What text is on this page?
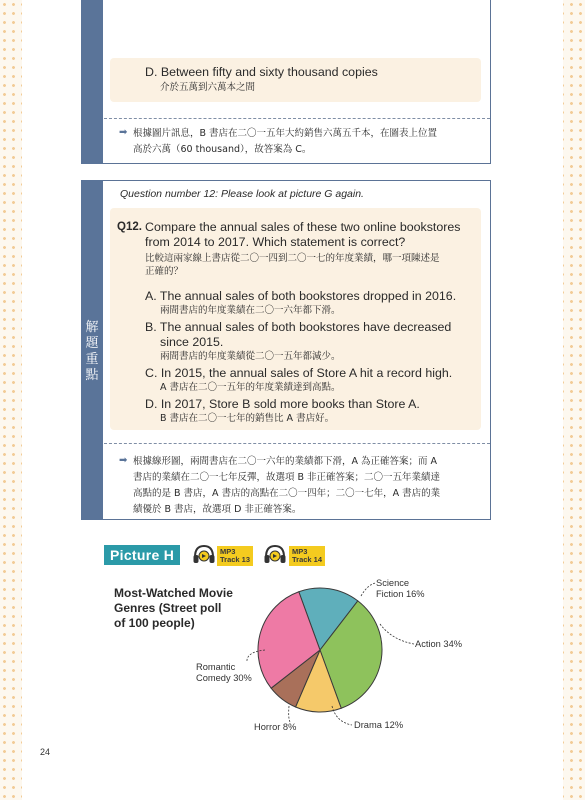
D. Between fifty and sixty thousand copies
介於五萬到六萬本之間
➡ 根據圖片訊息，B 書店在二〇一五年大約銷售六萬五千本，在圖表上位置
高於六萬（60 thousand），故答案為 C。
解題重點
Question number 12: Please look at picture G again.
Q12. Compare the annual sales of these two online bookstores
from 2014 to 2017. Which statement is correct?
比較這兩家線上書店從二〇一四到二〇一七的年度業績，哪一項陳述是
正確的？
A. The annual sales of both bookstores dropped in 2016.
兩間書店的年度業績在二〇一六年都下滑。
B. The annual sales of both bookstores have decreased
since 2015.
兩間書店的年度業績從二〇一五年都減少。
C. In 2015, the annual sales of Store A hit a record high.
A 書店在二〇一五年的年度業績達到高點。
D. In 2017, Store B sold more books than Store A.
B 書店在二〇一七年的銷售比 A 書店好。
➡ 根據線形圖，兩間書店在二〇一六年的業績都下滑，A 為正確答案；而 A
書店的業績在二〇一七年反彈，故選項 B 非正確答案；二〇一五年業績達
高點的是 B 書店，A 書店的高點在二〇一四年；二〇一七年，A 書店的業
績優於 B 書店，故選項 D 非正確答案。
Picture H	MP3
Track 13
MP3
Track 14
Most-Watched Movie
Genres (Street poll
of 100 people)
Science
Fiction 16%
Action 34%
Drama 12%
Horror 8%
Romantic
Comedy 30%
24
